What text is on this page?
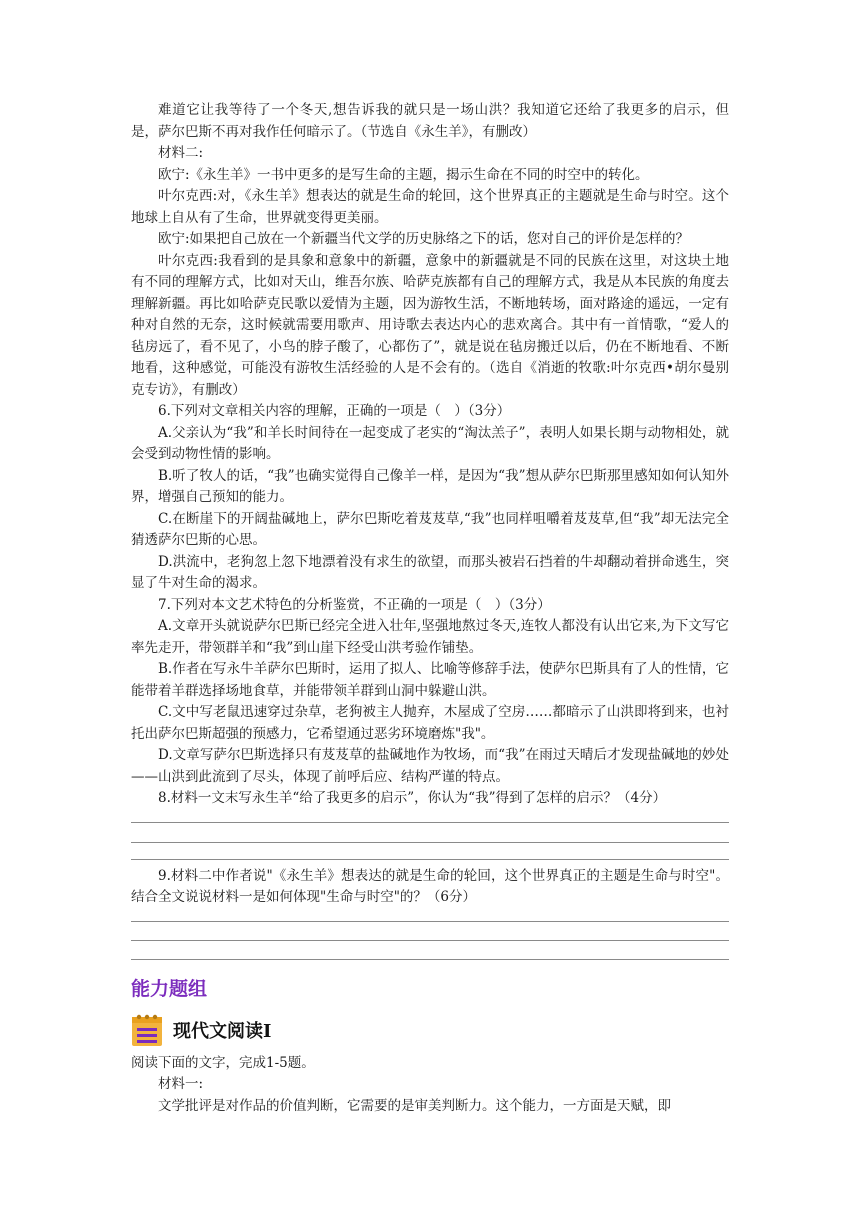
难道它让我等待了一个冬天,想告诉我的就只是一场山洪？我知道它还给了我更多的启示，但是，萨尔巴斯不再对我作任何暗示了。（节选自《永生羊》，有删改）

材料二:

欧宁:《永生羊》一书中更多的是写生命的主题，揭示生命在不同的时空中的转化。

叶尔克西:对，《永生羊》想表达的就是生命的轮回，这个世界真正的主题就是生命与时空。这个地球上自从有了生命，世界就变得更美丽。

欧宁:如果把自己放在一个新疆当代文学的历史脉络之下的话，您对自己的评价是怎样的？

叶尔克西:我看到的是具象和意象中的新疆，意象中的新疆就是不同的民族在这里，对这块土地有不同的理解方式，比如对天山，维吾尔族、哈萨克族都有自己的理解方式，我是从本民族的角度去理解新疆。再比如哈萨克民歌以爱情为主题，因为游牧生活，不断地转场，面对路途的遥远，一定有种对自然的无奈，这时候就需要用歌声、用诗歌去表达内心的悲欢离合。其中有一首情歌，“爱人的毡房远了，看不见了，小鸟的脖子酸了，心都伤了”，就是说在毡房搬迁以后，仍在不断地看、不断地看，这种感觉，可能没有游牧生活经验的人是不会有的。（选自《消逝的牧歌:叶尔克西•胡尔曼别克专访》，有删改）

6.下列对文章相关内容的理解，正确的一项是（　）（3分）

A.父亲认为“我”和羊长时间待在一起变成了老实的“淘汰羔子”，表明人如果长期与动物相处，就会受到动物性情的影响。

B.听了牧人的话，“我”也确实觉得自己像羊一样，是因为“我”想从萨尔巴斯那里感知如何认知外界，增强自己预知的能力。

C.在断崖下的开阔盐碱地上，萨尔巴斯吃着芨芨草,“我”也同样咀嚼着芨芨草,但“我”却无法完全猜透萨尔巴斯的心思。

D.洪流中，老狗忽上忽下地漂着没有求生的欲望，而那头被岩石挡着的牛却翻动着拼命逃生，突显了牛对生命的渴求。

7.下列对本文艺术特色的分析鉴赏，不正确的一项是（　）（3分）

A.文章开头就说萨尔巴斯已经完全进入壮年,坚强地熬过冬天,连牧人都没有认出它来,为下文写它率先走开，带领群羊和“我”到山崖下经受山洪考验作铺垫。

B.作者在写永牛羊萨尔巴斯时，运用了拟人、比喻等修辞手法，使萨尔巴斯具有了人的性情，它能带着羊群选择场地食草，并能带领羊群到山洞中躲避山洪。

C.文中写老鼠迅速穿过杂草，老狗被主人抛弃，木屋成了空房……都暗示了山洪即将到来，也衬托出萨尔巴斯超强的预感力，它希望通过恶劣环境磨炼"我"。

D.文章写萨尔巴斯选择只有芨芨草的盐碱地作为牧场，而“我”在雨过天晴后才发现盐碱地的妙处——山洪到此流到了尽头，体现了前呼后应、结构严谨的特点。

8.材料一文末写永生羊“给了我更多的启示”，你认为“我”得到了怎样的启示？（4分）

9.材料二中作者说"《永生羊》想表达的就是生命的轮回，这个世界真正的主题是生命与时空"。结合全文说说材料一是如何体现"生命与时空"的？（6分）

能力题组

现代文阅读Ⅰ

阅读下面的文字，完成1-5题。

材料一:

文学批评是对作品的价值判断，它需要的是审美判断力。这个能力，一方面是天赋，即
